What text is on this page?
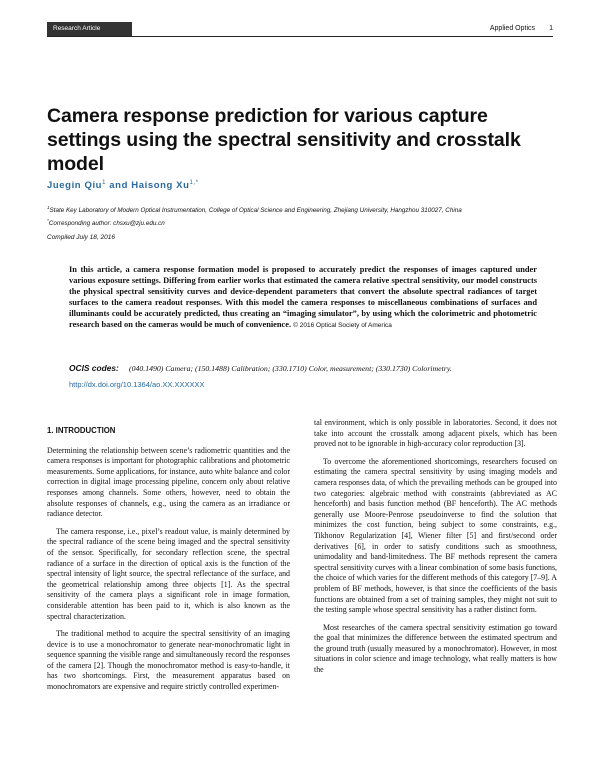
Research Article	Applied Optics 1
Camera response prediction for various capture settings using the spectral sensitivity and crosstalk model
Juegin Qiu$^1$ and Haisong $Xu^{1,*}$
$^1$State Key Laboratory of Modern Optical Instrumentation, College of Optical Science and Engineering, Zhejiang University, Hangzhou 310027, China
*Corresponding author: chsxu@zju.edu.cn
Compiled July 18, 2016
In this article, a camera response formation model is proposed to accurately predict the responses of images captured under various exposure settings. Differing from earlier works that estimated the camera relative spectral sensitivity, our model constructs the physical spectral sensitivity curves and device-dependent parameters that convert the absolute spectral radiances of target surfaces to the camera readout responses. With this model the camera responses to miscellaneous combinations of surfaces and illuminants could be accurately predicted, thus creating an “imaging simulator”, by using which the colorimetric and photometric research based on the cameras would be much of convenience. © 2016 Optical Society of America
OCIS codes: (040.1490) Camera; (150.1488) Calibration; (330.1710) Color, measurement; (330.1730) Colorimetry.
http://dx.doi.org/10.1364/ao.XX.XXXXXX
1. INTRODUCTION

Determining the relationship between scene’s radiometric quantities and the camera responses is important for photographic calibrations and photometric measurements. Some applications, for instance, auto white balance and color correction in digital image processing pipeline, concern only about relative responses among channels. Some others, however, need to obtain the absolute responses of channels, e.g., using the camera as an irradiance or radiance detector.

The camera response, i.e., pixel’s readout value, is mainly determined by the spectral radiance of the scene being imaged and the spectral sensitivity of the sensor. Specifically, for secondary reflection scene, the spectral radiance of a surface in the direction of optical axis is the function of the spectral intensity of light source, the spectral reflectance of the surface, and the geometrical relationship among three objects [1]. As the spectral sensitivity of the camera plays a significant role in image formation, considerable attention has been paid to it, which is also known as the spectral characterization.

The traditional method to acquire the spectral sensitivity of an imaging device is to use a monochromator to generate near-monochromatic light in sequence spanning the visible range and simultaneously record the responses of the camera [2]. Though the monochromator method is easy-to-handle, it has two shortcomings. First, the measurement apparatus based on monochromators are expensive and require strictly controlled experimen-

tal environment, which is only possible in laboratories. Second, it does not take into account the crosstalk among adjacent pixels, which has been proved not to be ignorable in high-accuracy color reproduction [3].

To overcome the aforementioned shortcomings, researchers focused on estimating the camera spectral sensitivity by using imaging models and camera responses data, of which the prevailing methods can be grouped into two categories: algebraic method with constraints (abbreviated as AC henceforth) and basis function method (BF henceforth). The AC methods generally use Moore-Penrose pseudoinverse to find the solution that minimizes the cost function, being subject to some constraints, e.g., Tikhonov Regularization [4], Wiener filter [5] and first/second order derivatives [6], in order to satisfy conditions such as smoothness, unimodality and band-limitedness. The BF methods represent the camera spectral sensitivity curves with a linear combination of some basis functions, the choice of which varies for the different methods of this category [7–9]. A problem of BF methods, however, is that since the coefficients of the basis functions are obtained from a set of training samples, they might not suit to the testing sample whose spectral sensitivity has a rather distinct form.

Most researches of the camera spectral sensitivity estimation go toward the goal that minimizes the difference between the estimated spectrum and the ground truth (usually measured by a monochromator). However, in most situations in color science and image technology, what really matters is how the
